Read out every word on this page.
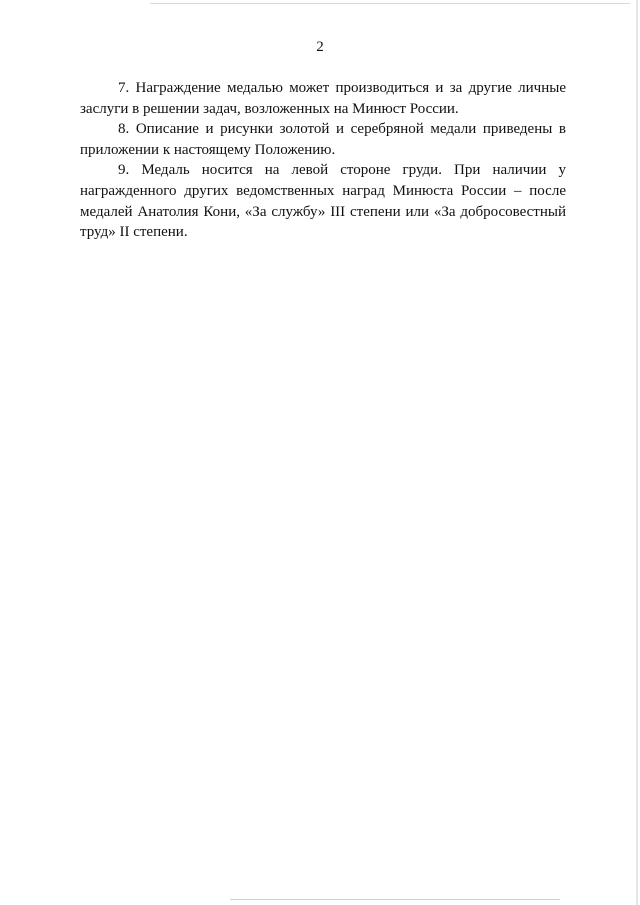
2

7. Награждение медалью может производиться и за другие личные заслуги в решении задач, возложенных на Минюст России.

8. Описание и рисунки золотой и серебряной медали приведены в приложении к настоящему Положению.

9. Медаль носится на левой стороне груди. При наличии у награжденного других ведомственных наград Минюста России – после медалей Анатолия Кони, «За службу» III степени или «За добросовестный труд» II степени.
